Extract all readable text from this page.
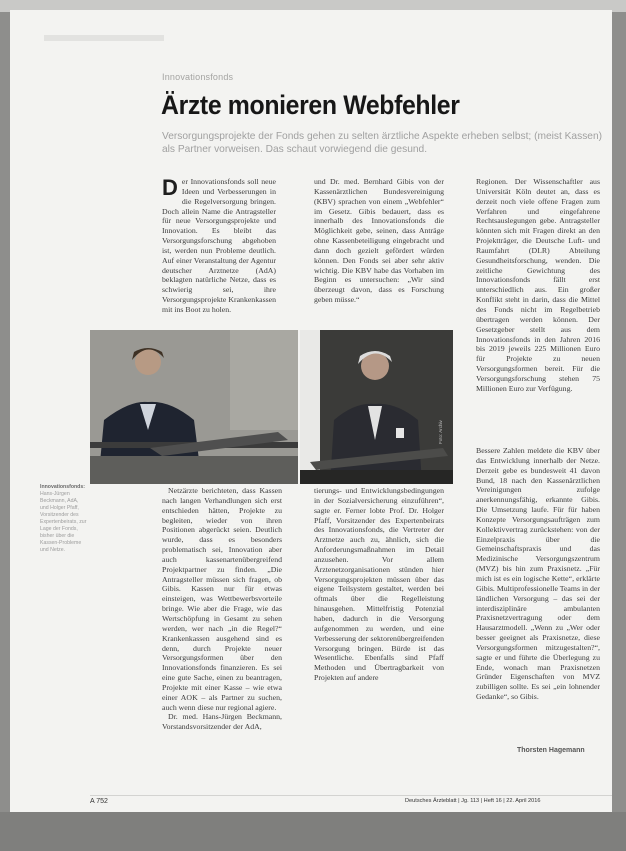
Innovationsfonds
Ärzte monieren Webfehler
Versorgungsprojekte der Fonds gehen zu selten ärztliche Aspekte erheben selbst; (meist Kassen) als Partner vorweisen. Das schaut vorwiegend die gesund.

Der Innovationsfonds soll neue Ideen und Verbesserungen in die Regelversorgung bringen. Doch allein Name die Antragsteller für neue Versorgungsprojekte und Innovation. Es bleibt das Versorgungsforschung abgehoben ist, werden nun Probleme deutlich. Auf einer Veranstaltung der Agentur deutscher Arztnetze (AdA) beklagten natürliche Netze, dass es schwierig sei, ihre Versorgungsprojekte Krankenkassen mit ins Boot zu holen.

und Dr. med. Bernhard Gibis von der Kassenärztlichen Bundesvereinigung (KBV) sprachen von einem „Webfehler“ im Gesetz. Gibis bedauert, dass es innerhalb des Innovationsfonds die Möglichkeit gebe, seinen, dass Anträge ohne Kassenbeteiligung eingebracht und dann doch gezielt gefördert würden können. Den Fonds sei aber sehr aktiv wichtig. Die KBV habe das Vorhaben im Beginn es untersuchen: „Wir sind überzeugt davon, dass es Forschung geben müsse.“

Regionen. Der Wissenschaftler aus Universität Köln deutet an, dass es derzeit noch viele offene Fragen zum Verfahren und eingefahrene Rechtsauslegungen gebe. Antragsteller könnten sich mit Fragen direkt an den Projektträger, die Deutsche Luft- und Raumfahrt (DLR) Abteilung Gesundheitsforschung, wenden. Die zeitliche Gewichtung des Innovationsfonds fällt erst unterschiedlich aus. Ein großer Konflikt steht in darin, dass die Mittel des Fonds nicht im Regelbetrieb übertragen werden können. Der Gesetzgeber stellt aus dem Innovationsfonds in den Jahren 2016 bis 2019 jeweils 225 Millionen Euro für Projekte zu neuen Versorgungsformen bereit. Für die Versorgungsforschung stehen 75 Millionen Euro zur Verfügung.

Foto: Archiv
Innovationsfonds: Hans-Jürgen Beckmann, AdA, und Holger Pfaff, Vorsitzender des Expertenbeirats, zur Lage der Fonds, bisher über die Kassen-Probleme und Netze.

Netzärzte berichteten, dass Kassen nach langen Verhandlungen sich erst entschieden hätten, Projekte zu begleiten, wieder von ihren Positionen abgerückt seien. Deutlich wurde, dass es besonders problematisch sei, Innovation aber auch kassenartenübergreifend Projektpartner zu finden. „Die Antragsteller müssen sich fragen, ob Gibis. Kassen nur für etwas einsteigen, was Wettbewerbsvorteile bringe. Wie aber die Frage, wie das Wertschöpfung in Gesamt zu sehen werden, wer nach „in die Regel?“ Krankenkassen ausgehend sind es denn, durch Projekte neuer Versorgungsformen über den Innovationsfonds finanzieren. Es sei eine gute Sache, einen zu beantragen, Projekte mit einer Kasse – wie etwa einer AOK – als Partner zu suchen, auch wenn diese nur regional agiere.

Dr. med. Hans-Jürgen Beckmann, Vorstandsvorsitzender der AdA,

tierungs- und Entwicklungsbedingungen in der Sozialversicherung einzuführen“, sagte er. Ferner lobte Prof. Dr. Holger Pfaff, Vorsitzender des Expertenbeirats des Innovationsfonds, die Vertreter der Arztnetze auch zu, ähnlich, sich die Anforderungsmaßnahmen im Detail anzusehen. Vor allem Ärztenetzorganisationen stünden hier Versorgungsprojekten müssen über das eigene Teilsystem gestaltet, werden bei oftmals über die Regelleistung hinausgehen. Mittelfristig Potenzial haben, dadurch in die Versorgung aufgenommen zu werden, und eine Verbesserung der sektorenübergreifenden Versorgung bringen. Bürde ist das Wesentliche. Ebenfalls sind Pfaff Methoden und Übertragbarkeit von Projekten auf andere

Bessere Zahlen meldete die KBV über das Entwicklung innerhalb der Netze. Derzeit gebe es bundesweit 41 davon Bund, 18 nach den Kassenärztlichen Vereinigungen zufolge anerkennungsfähig, erkannte Gibis. Die Umsetzung laufe. Für für haben Konzepte Versorgungsaufträgen zum Kollektivvertrag zurückstehen: von der Einzelpraxis über die Gemeinschaftspraxis und das Medizinische Versorgungszentrum (MVZ) bis hin zum Praxisnetz. „Für mich ist es ein logische Kette“, erklärte Gibis. Multiprofessionelle Teams in der ländlichen Versorgung – das sei der interdisziplinäre ambulanten Praxisnetzvertragung oder dem Hausarztmodell. „Wenn zu „Wer oder besser geeignet als Praxisnetze, diese Versorgungsformen mitzugestalten?“, sagte er und führte die Überlegung zu Ende, wonach man Praxisnetzen Gründer Eigenschaften von MVZ zubilligen sollte. Es sei „ein lohnender Gedanke“, so Gibis.

Thorsten Hagemann
A 752	Deutsches Ärzteblatt | Jg. 113 | Heft 16 | 22. April 2016
